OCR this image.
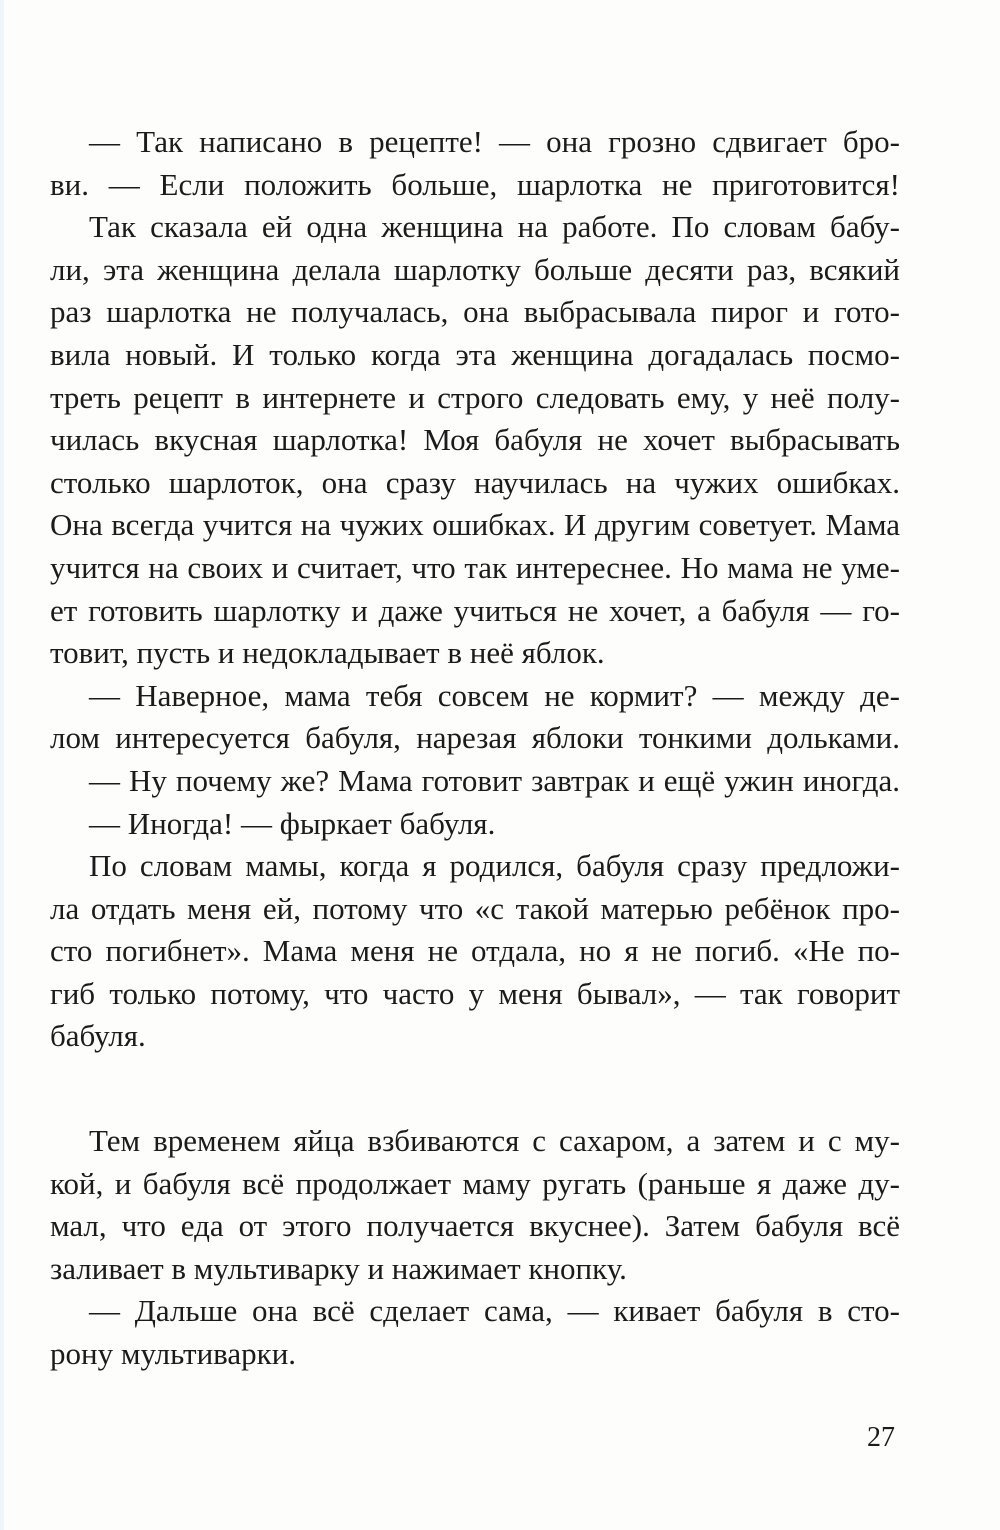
— Так написано в рецепте! — она грозно сдвигает бро-
ви. — Если положить больше, шарлотка не приготовится!
Так сказала ей одна женщина на работе. По словам бабу-
ли, эта женщина делала шарлотку больше десяти раз, всякий
раз шарлотка не получалась, она выбрасывала пирог и гото-
вила новый. И только когда эта женщина догадалась посмо-
треть рецепт в интернете и строго следовать ему, у неё полу-
чилась вкусная шарлотка! Моя бабуля не хочет выбрасывать
столько шарлоток, она сразу научилась на чужих ошибках.
Она всегда учится на чужих ошибках. И другим советует. Мама
учится на своих и считает, что так интереснее. Но мама не уме-
ет готовить шарлотку и даже учиться не хочет, а бабуля — го-
товит, пусть и недокладывает в неё яблок.
— Наверное, мама тебя совсем не кормит? — между де-
лом интересуется бабуля, нарезая яблоки тонкими дольками.
— Ну почему же? Мама готовит завтрак и ещё ужин иногда.
— Иногда! — фыркает бабуля.
По словам мамы, когда я родился, бабуля сразу предложи-
ла отдать меня ей, потому что «с такой матерью ребёнок про-
сто погибнет». Мама меня не отдала, но я не погиб. «Не по-
гиб только потому, что часто у меня бывал», — так говорит
бабуля.
Тем временем яйца взбиваются с сахаром, а затем и с му-
кой, и бабуля всё продолжает маму ругать (раньше я даже ду-
мал, что еда от этого получается вкуснее). Затем бабуля всё
заливает в мультиварку и нажимает кнопку.
— Дальше она всё сделает сама, — кивает бабуля в сто-
рону мультиварки.
27
